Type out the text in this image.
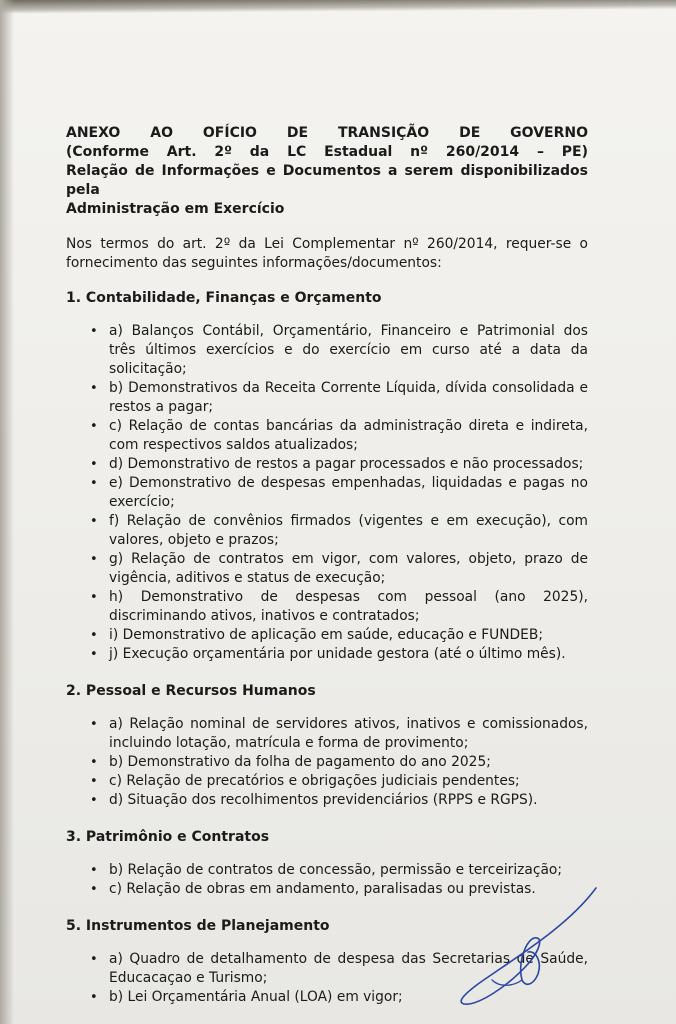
ANEXO AO OFÍCIO DE TRANSIÇÃO DE GOVERNO
(Conforme Art. 2º da LC Estadual nº 260/2014 – PE)
Relação de Informações e Documentos a serem disponibilizados pela
Administração em Exercício
Nos termos do art. 2º da Lei Complementar nº 260/2014, requer-se o
fornecimento das seguintes informações/documentos:
1. Contabilidade, Finanças e Orçamento
• a) Balanços Contábil, Orçamentário, Financeiro e Patrimonial dos três últimos exercícios e do exercício em curso até a data da solicitação;
• b) Demonstrativos da Receita Corrente Líquida, dívida consolidada e restos a pagar;
• c) Relação de contas bancárias da administração direta e indireta, com respectivos saldos atualizados;
• d) Demonstrativo de restos a pagar processados e não processados;
• e) Demonstrativo de despesas empenhadas, liquidadas e pagas no exercício;
• f) Relação de convênios firmados (vigentes e em execução), com valores, objeto e prazos;
• g) Relação de contratos em vigor, com valores, objeto, prazo de vigência, aditivos e status de execução;
• h) Demonstrativo de despesas com pessoal (ano 2025), discriminando ativos, inativos e contratados;
• i) Demonstrativo de aplicação em saúde, educação e FUNDEB;
• j) Execução orçamentária por unidade gestora (até o último mês).
2. Pessoal e Recursos Humanos
• a) Relação nominal de servidores ativos, inativos e comissionados, incluindo lotação, matrícula e forma de provimento;
• b) Demonstrativo da folha de pagamento do ano 2025;
• c) Relação de precatórios e obrigações judiciais pendentes;
• d) Situação dos recolhimentos previdenciários (RPPS e RGPS).
3. Patrimônio e Contratos
• b) Relação de contratos de concessão, permissão e terceirização;
• c) Relação de obras em andamento, paralisadas ou previstas.
5. Instrumentos de Planejamento
• a) Quadro de detalhamento de despesa das Secretarias de Saúde, Educacaçao e Turismo;
• b) Lei Orçamentária Anual (LOA) em vigor;
